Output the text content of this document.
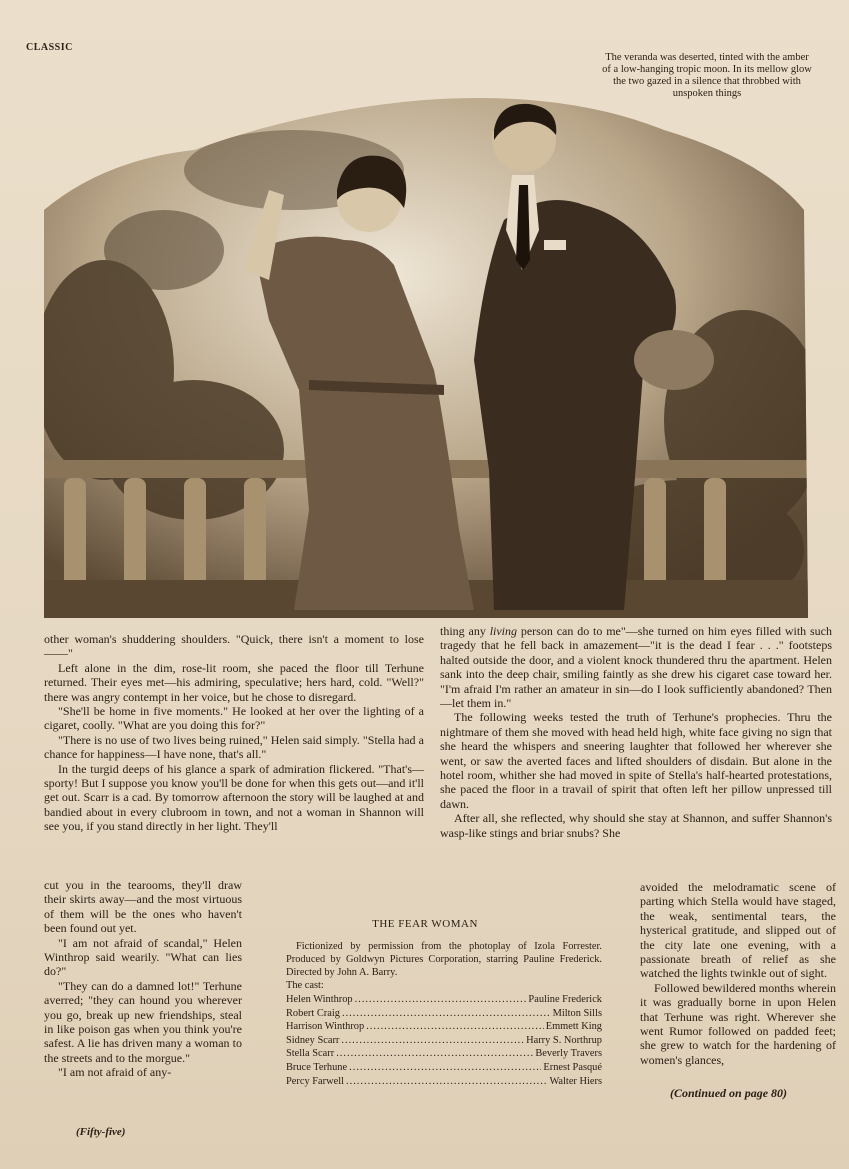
CLASSIC
The veranda was deserted, tinted with the amber of a low-hanging tropic moon. In its mellow glow the two gazed in a silence that throbbed with unspoken things

other woman's shuddering shoulders. "Quick, there isn't a moment to lose——"

Left alone in the dim, rose-lit room, she paced the floor till Terhune returned. Their eyes met—his admiring, speculative; hers hard, cold. "Well?" there was angry contempt in her voice, but he chose to disregard.

"She'll be home in five moments." He looked at her over the lighting of a cigaret, coolly. "What are you doing this for?"

"There is no use of two lives being ruined," Helen said simply. "Stella had a chance for happiness—I have none, that's all."

In the turgid deeps of his glance a spark of admiration flickered. "That's—sporty! But I suppose you know you'll be done for when this gets out—and it'll get out. Scarr is a cad. By tomorrow afternoon the story will be laughed at and bandied about in every clubroom in town, and not a woman in Shannon will see you, if you stand directly in her light. They'll

cut you in the tearooms, they'll draw their skirts away—and the most virtuous of them will be the ones who haven't been found out yet.

"I am not afraid of scandal," Helen Winthrop said wearily. "What can lies do?"

"They can do a damned lot!" Terhune averred; "they can hound you wherever you go, break up new friendships, steal in like poison gas when you think you're safest. A lie has driven many a woman to the streets and to the morgue."

"I am not afraid of any-

thing any living person can do to me"—she turned on him eyes filled with such tragedy that he fell back in amazement—"it is the dead I fear . . ." footsteps halted outside the door, and a violent knock thundered thru the apartment. Helen sank into the deep chair, smiling faintly as she drew his cigaret case toward her. "I'm afraid I'm rather an amateur in sin—do I look sufficiently abandoned? Then—let them in."

The following weeks tested the truth of Terhune's prophecies. Thru the nightmare of them she moved with head held high, white face giving no sign that she heard the whispers and sneering laughter that followed her wherever she went, or saw the averted faces and lifted shoulders of disdain. But alone in the hotel room, whither she had moved in spite of Stella's half-hearted protestations, she paced the floor in a travail of spirit that often left her pillow unpressed till dawn.

After all, she reflected, why should she stay at Shannon, and suffer Shannon's wasp-like stings and briar snubs? She

avoided the melodramatic scene of parting which Stella would have staged, the weak, sentimental tears, the hysterical gratitude, and slipped out of the city late one evening, with a passionate breath of relief as she watched the lights twinkle out of sight.

Followed bewildered months wherein it was gradually borne in upon Helen that Terhune was right. Wherever she went Rumor followed on padded feet; she grew to watch for the hardening of women's glances,

THE FEAR WOMAN
Fictionized by permission from the photoplay of Izola Forrester. Produced by Goldwyn Pictures Corporation, starring Pauline Frederick. Directed by John A. Barry.
The cast:
Helen Winthrop .....	Pauline Frederick
Robert Craig .....	Milton Sills
Harrison Winthrop .....	Emmett King
Sidney Scarr .....	Harry S. Northrup
Stella Scarr .....	Beverly Travers
Bruce Terhune .....	Ernest Pasqué
Percy Farwell .....	Walter Hiers
(Continued on page 80)
(Fifty-five)
